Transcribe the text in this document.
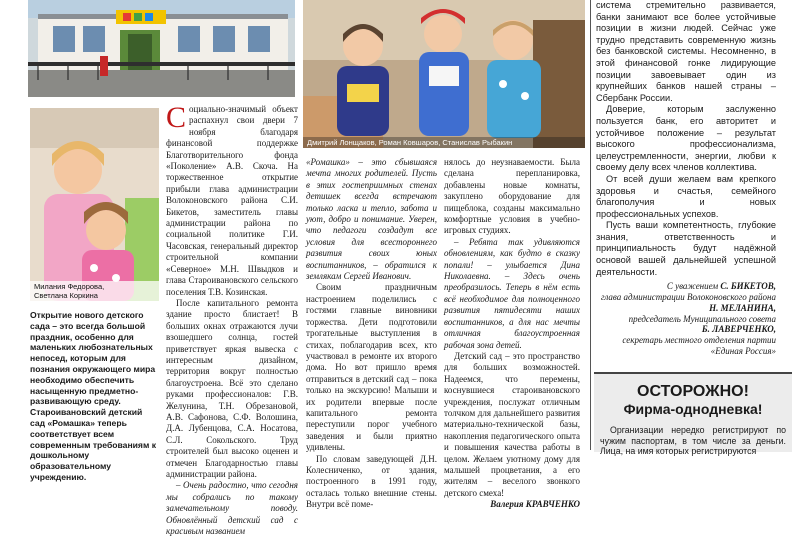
Милания Федорова,
Светлана Коркина
Открытие нового детского сада – это всегда большой праздник, особенно для маленьких любознательных непосед, которым для познания окружающего мира необходимо обеспечить насыщенную предметно-развивающую среду. Староивановский детский сад «Ромашка» теперь соответствует всем современным требованиям к дошкольному образовательному учреждению.
Дмитрий Лонщаков, Роман Ковшаров, Станислав Рыбакин

Социально-значимый объект распахнул свои двери 7 ноября благодаря финансовой поддержке Благотворительного фонда «Поколение» А.В. Скоча. На торжественное открытие прибыли глава администрации Волоконовского района С.И. Бикетов, заместитель главы администрации района по социальной политике Г.И. Часовская, генеральный директор строительной компании «Северное» М.Н. Швыдков и глава Староивановского сельского поселения Т.В. Козинская.

После капитального ремонта здание просто блистает! В больших окнах отражаются лучи взошедшего солнца, гостей приветствует яркая вывеска с интересным дизайном, территория вокруг полностью благоустроена. Всё это сделано руками профессионалов: Г.В. Желунина, Т.Н. Обрезановой, А.В. Сафонова, С.Ф. Волошина, Д.А. Лубенцова, С.А. Носатова, С.Л. Сокольского. Труд строителей был высоко оценен и отмечен Благодарностью главы администрации района.

– Очень радостно, что сегодня мы собрались по такому замечательному поводу. Обновлённый детский сад с красивым названием

«Ромашка» – это сбывшаяся мечта многих родителей. Пусть в этих гостеприимных стенах детишек всегда встречают только ласка и тепло, забота и уют, добро и понимание. Уверен, что педагоги создадут все условия для всестороннего развития своих юных воспитанников, – обратился к землякам Сергей Иванович.

Своим праздничным настроением поделились с гостями главные виновники торжества. Дети подготовили трогательные выступления в стихах, поблагодарив всех, кто участвовал в ремонте их второго дома. Но вот пришло время отправиться в детский сад – пока только на экскурсию! Малыши и их родители впервые после капитального ремонта переступили порог учебного заведения и были приятно удивлены.

По словам заведующей Д.Н. Колесниченко, от здания, построенного в 1991 году, осталась только внешние стены. Внутри всё поме-

нялось до неузнаваемости. Была сделана перепланировка, добавлены новые комнаты, закуплено оборудование для пищеблока, созданы максимально комфортные условия в учебно-игровых студиях.

– Ребята так удивляются обновлениям, как будто в сказку попали! – улыбается Дина Николаевна. – Здесь очень преобразилось. Теперь в нём есть всё необходимое для полноценного развития пятидесяти наших воспитанников, а для нас мечты отличная благоустроенная рабочая зона детей.

Детский сад – это пространство для больших возможностей. Надеемся, что перемены, коснувшиеся староивановского учреждения, послужат отличным толчком для дальнейшего развития материально-технической базы, накопления педагогического опыта и повышения качества работы в целом. Желаем уютному дому для малышей процветания, а его жителям – веселого звонкого детского смеха!

Валерия КРАВЧЕНКО

система стремительно развивается, банки занимают все более устойчивые позиции в жизни людей. Сейчас уже трудно представить современную жизнь без банковской системы. Несомненно, в этой финансовой гонке лидирующие позиции завоевывает один из крупнейших банков нашей страны – Сбербанк России.

Доверие, которым заслуженно пользуется банк, его авторитет и устойчивое положение – результат высокого профессионализма, целеустремленности, энергии, любви к своему делу всех членов коллектива.

От всей души желаем вам крепкого здоровья и счастья, семейного благополучия и новых профессиональных успехов.

Пусть ваши компетентность, глубокие знания, ответственность и принципиальность будут надёжной основой вашей дальнейшей успешной деятельности.

С уважением С. БИКЕТОВ,
глава администрации Волоконовского района
Н. МЕЛАНИНА,
председатель Муниципального совета
Б. ЛАВЕРЧЕНКО,
секретарь местного отделения партии «Единая Россия»
ОСТОРОЖНО!
Фирма-однодневка!
Организации нередко регистрируют по чужим паспортам, в том числе за деньги. Лица, на имя которых регистрируются
